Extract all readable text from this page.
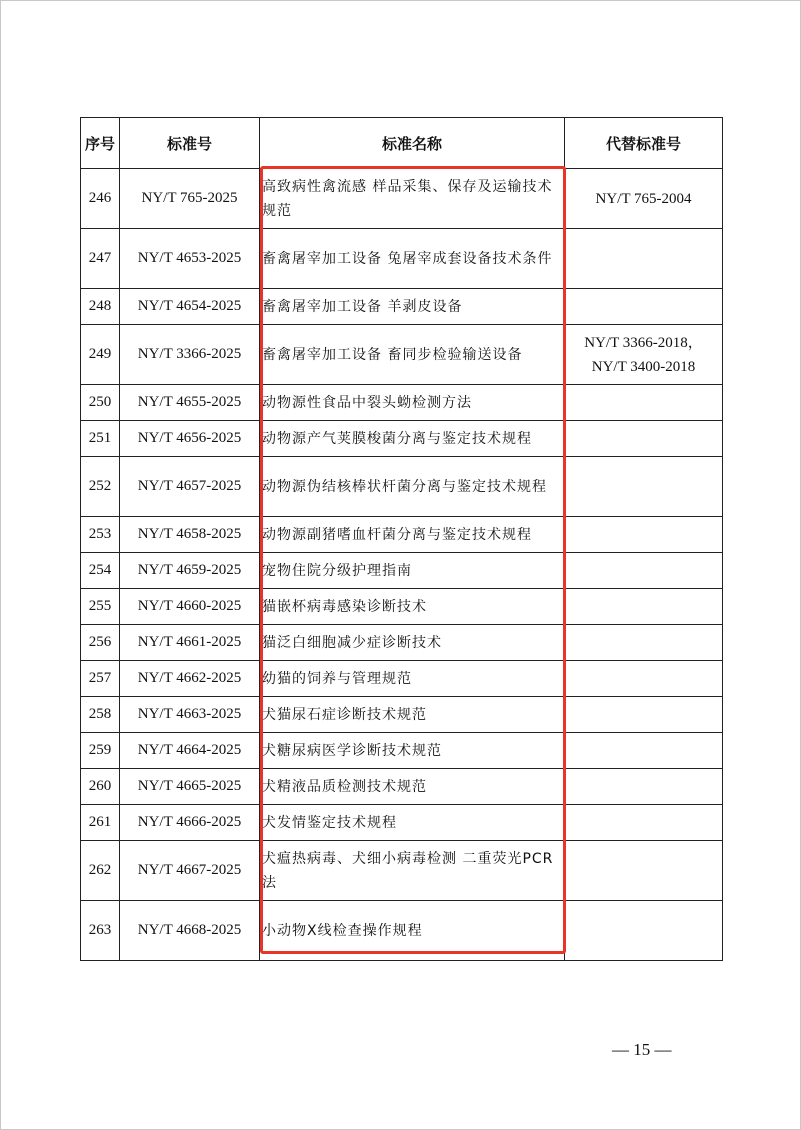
序号	标准号	标准名称	代替标准号
246	NY/T 765-2025	高致病性禽流感 样品采集、保存及运输技术规范	NY/T 765-2004
247	NY/T 4653-2025	畜禽屠宰加工设备 兔屠宰成套设备技术条件	
248	NY/T 4654-2025	畜禽屠宰加工设备 羊剥皮设备	
249	NY/T 3366-2025	畜禽屠宰加工设备 畜同步检验输送设备	NY/T 3366-2018，NY/T 3400-2018
250	NY/T 4655-2025	动物源性食品中裂头蚴检测方法	
251	NY/T 4656-2025	动物源产气荚膜梭菌分离与鉴定技术规程	
252	NY/T 4657-2025	动物源伪结核棒状杆菌分离与鉴定技术规程	
253	NY/T 4658-2025	动物源副猪嗜血杆菌分离与鉴定技术规程	
254	NY/T 4659-2025	宠物住院分级护理指南	
255	NY/T 4660-2025	猫嵌杯病毒感染诊断技术	
256	NY/T 4661-2025	猫泛白细胞减少症诊断技术	
257	NY/T 4662-2025	幼猫的饲养与管理规范	
258	NY/T 4663-2025	犬猫尿石症诊断技术规范	
259	NY/T 4664-2025	犬糖尿病医学诊断技术规范	
260	NY/T 4665-2025	犬精液品质检测技术规范	
261	NY/T 4666-2025	犬发情鉴定技术规程	
262	NY/T 4667-2025	犬瘟热病毒、犬细小病毒检测 二重荧光PCR法	
263	NY/T 4668-2025	小动物X线检查操作规程	
— 15 —
